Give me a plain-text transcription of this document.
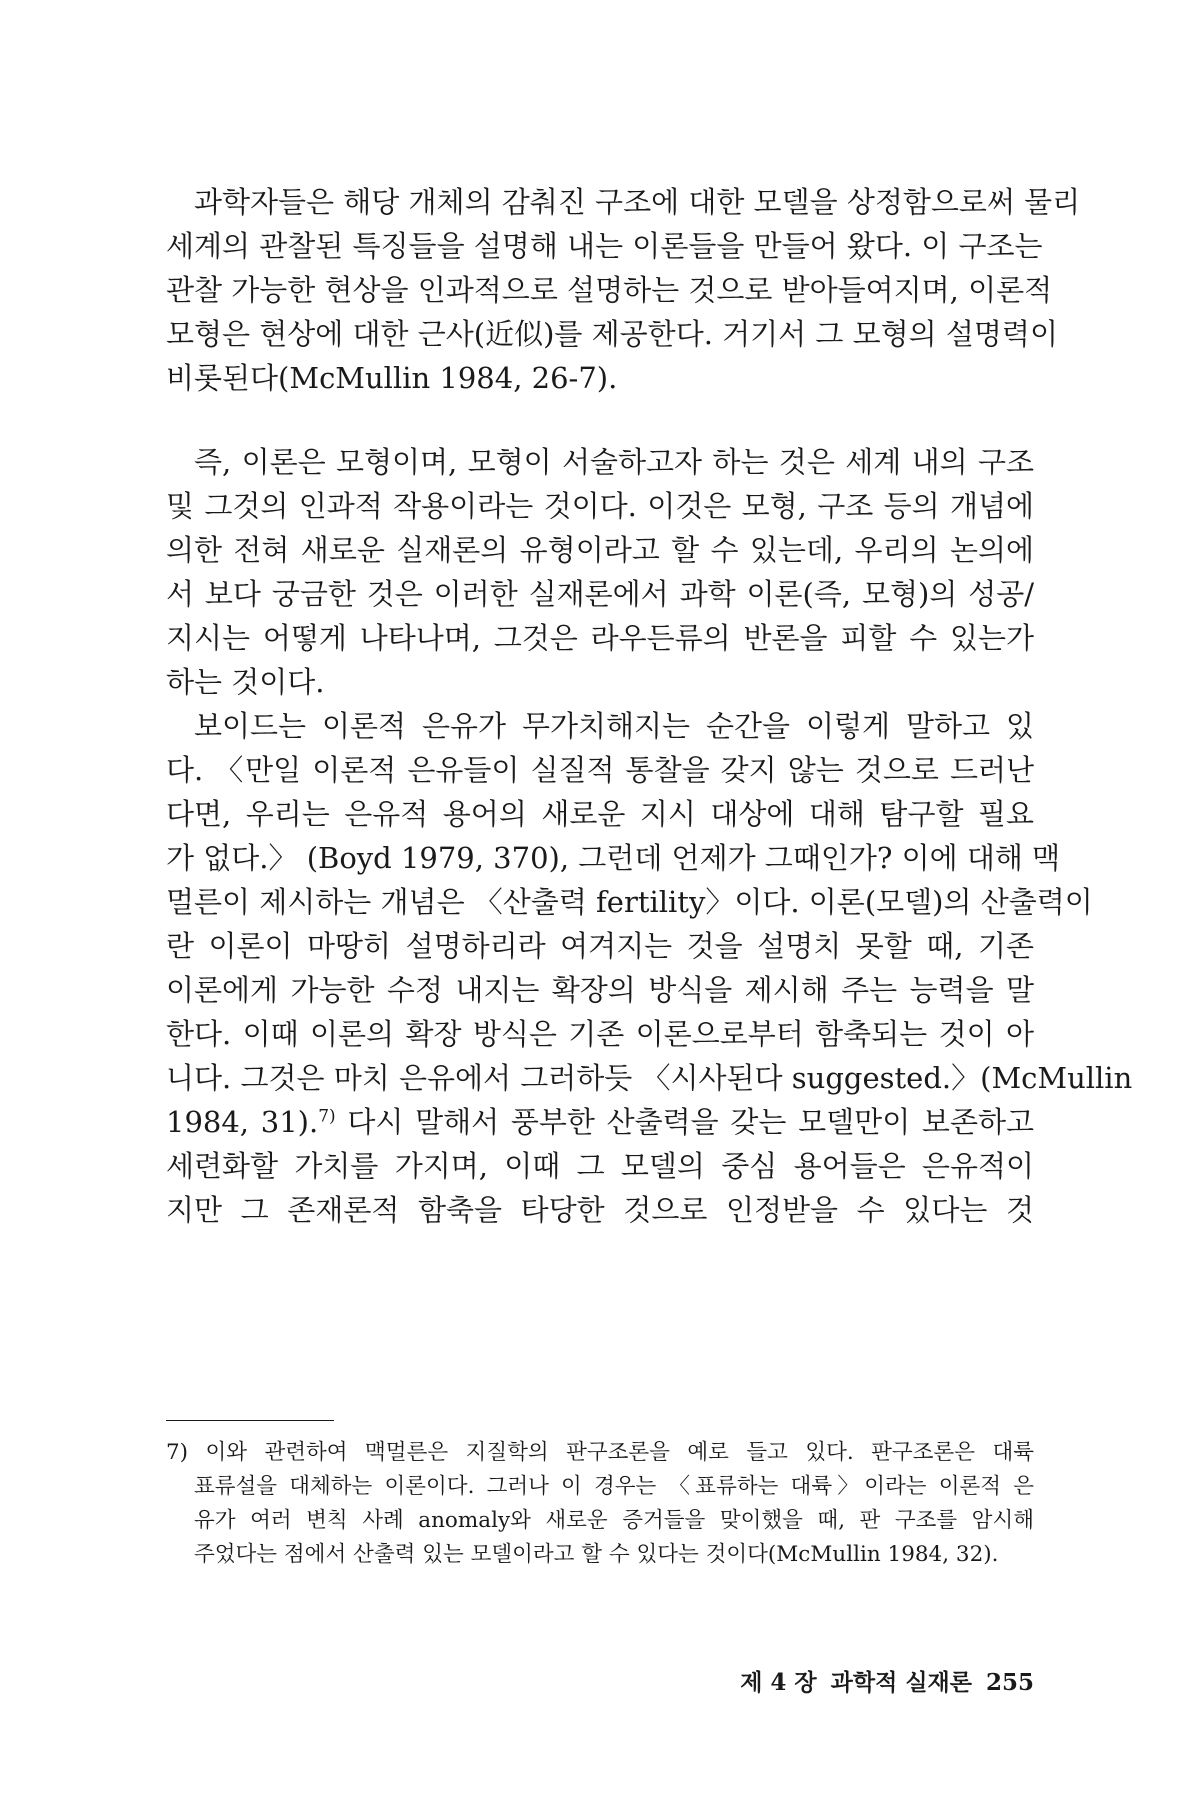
과학자들은 해당 개체의 감춰진 구조에 대한 모델을 상정함으로써 물리
세계의 관찰된 특징들을 설명해 내는 이론들을 만들어 왔다. 이 구조는
관찰 가능한 현상을 인과적으로 설명하는 것으로 받아들여지며, 이론적
모형은 현상에 대한 근사(近似)를 제공한다. 거기서 그 모형의 설명력이
비롯된다(McMullin 1984, 26-7).
즉, 이론은 모형이며, 모형이 서술하고자 하는 것은 세계 내의 구조
및 그것의 인과적 작용이라는 것이다. 이것은 모형, 구조 등의 개념에
의한 전혀 새로운 실재론의 유형이라고 할 수 있는데, 우리의 논의에
서 보다 궁금한 것은 이러한 실재론에서 과학 이론(즉, 모형)의 성공/
지시는 어떻게 나타나며, 그것은 라우든류의 반론을 피할 수 있는가
하는 것이다.
보이드는 이론적 은유가 무가치해지는 순간을 이렇게 말하고 있
다. 〈만일 이론적 은유들이 실질적 통찰을 갖지 않는 것으로 드러난
다면, 우리는 은유적 용어의 새로운 지시 대상에 대해 탐구할 필요
가 없다.〉 (Boyd 1979, 370), 그런데 언제가 그때인가? 이에 대해 맥
멀른이 제시하는 개념은 〈산출력 fertility〉이다. 이론(모델)의 산출력이
란 이론이 마땅히 설명하리라 여겨지는 것을 설명치 못할 때, 기존
이론에게 가능한 수정 내지는 확장의 방식을 제시해 주는 능력을 말
한다. 이때 이론의 확장 방식은 기존 이론으로부터 함축되는 것이 아
니다. 그것은 마치 은유에서 그러하듯 〈시사된다 suggested.〉(McMullin
1984, 31).$^{7)}$ 다시 말해서 풍부한 산출력을 갖는 모델만이 보존하고
세련화할 가치를 가지며, 이때 그 모델의 중심 용어들은 은유적이
지만 그 존재론적 함축을 타당한 것으로 인정받을 수 있다는 것
7) 이와 관련하여 맥멀른은 지질학의 판구조론을 예로 들고 있다. 판구조론은 대륙
표류설을 대체하는 이론이다. 그러나 이 경우는 〈표류하는 대륙〉이라는 이론적 은
유가 여러 변칙 사례 anomaly와 새로운 증거들을 맞이했을 때, 판 구조를 암시해
주었다는 점에서 산출력 있는 모델이라고 할 수 있다는 것이다(McMullin 1984, 32).
제 4 장 과학적 실재론 255
